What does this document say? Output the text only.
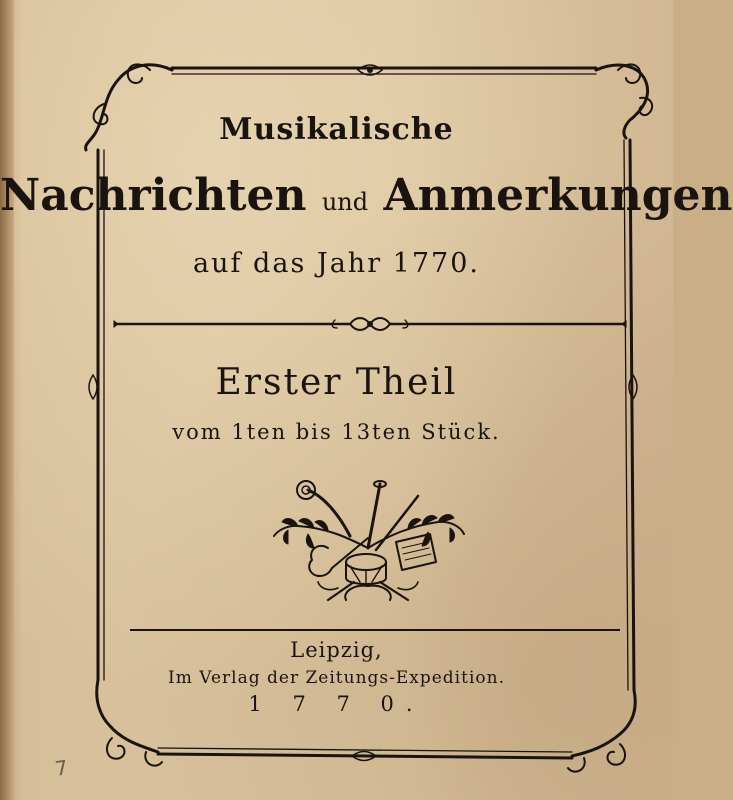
Musikalische
Nachrichten und Anmerkungen
auf das Jahr 1770.
Erster Theil
vom 1ten bis 13ten Stück.
Leipzig,
Im Verlag der Zeitungs-Expedition.
1 7 7 0.
7
